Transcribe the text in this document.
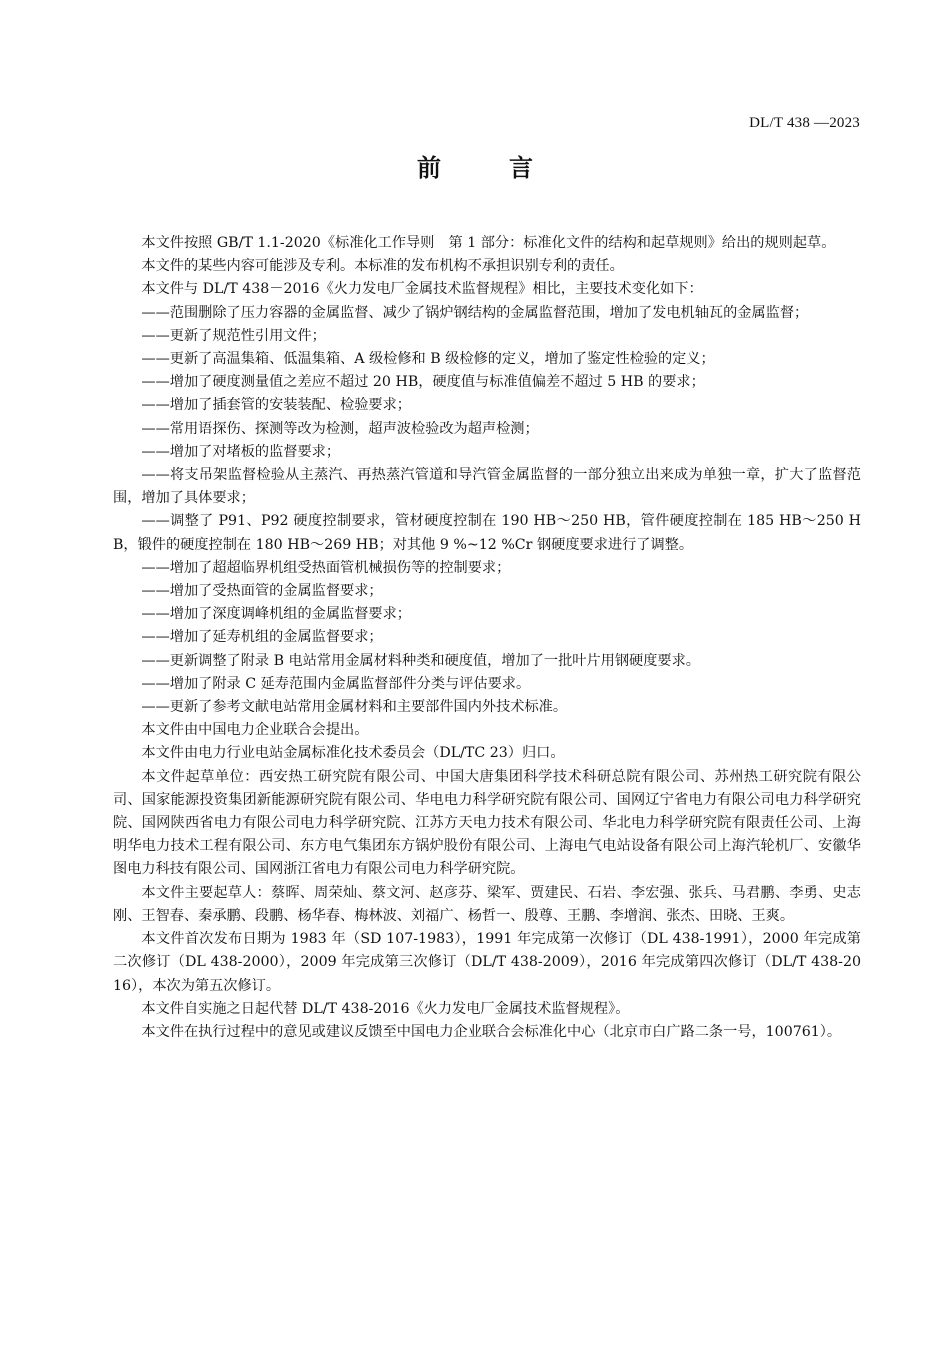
DL/T 438 —2023
前　言

本文件按照 GB/T 1.1-2020《标准化工作导则　第 1 部分：标准化文件的结构和起草规则》给出的规则起草。

本文件的某些内容可能涉及专利。本标准的发布机构不承担识别专利的责任。

本文件与 DL/T 438－2016《火力发电厂金属技术监督规程》相比，主要技术变化如下：

——范围删除了压力容器的金属监督、减少了锅炉钢结构的金属监督范围，增加了发电机轴瓦的金属监督；

——更新了规范性引用文件；

——更新了高温集箱、低温集箱、A 级检修和 B 级检修的定义，增加了鉴定性检验的定义；

——增加了硬度测量值之差应不超过 20 HB，硬度值与标准值偏差不超过 5 HB 的要求；

——增加了插套管的安装装配、检验要求；

——常用语探伤、探测等改为检测，超声波检验改为超声检测；

——增加了对堵板的监督要求；

——将支吊架监督检验从主蒸汽、再热蒸汽管道和导汽管金属监督的一部分独立出来成为单独一章，扩大了监督范围，增加了具体要求；

——调整了 P91、P92 硬度控制要求，管材硬度控制在 190 HB～250 HB，管件硬度控制在 185 HB～250 HB，锻件的硬度控制在 180 HB～269 HB；对其他 9 %~12 %Cr 钢硬度要求进行了调整。

——增加了超超临界机组受热面管机械损伤等的控制要求；

——增加了受热面管的金属监督要求；

——增加了深度调峰机组的金属监督要求；

——增加了延寿机组的金属监督要求；

——更新调整了附录 B 电站常用金属材料种类和硬度值，增加了一批叶片用钢硬度要求。

——增加了附录 C 延寿范围内金属监督部件分类与评估要求。

——更新了参考文献电站常用金属材料和主要部件国内外技术标准。

本文件由中国电力企业联合会提出。

本文件由电力行业电站金属标准化技术委员会（DL/TC 23）归口。

本文件起草单位：西安热工研究院有限公司、中国大唐集团科学技术科研总院有限公司、苏州热工研究院有限公司、国家能源投资集团新能源研究院有限公司、华电电力科学研究院有限公司、国网辽宁省电力有限公司电力科学研究院、国网陕西省电力有限公司电力科学研究院、江苏方天电力技术有限公司、华北电力科学研究院有限责任公司、上海明华电力技术工程有限公司、东方电气集团东方锅炉股份有限公司、上海电气电站设备有限公司上海汽轮机厂、安徽华图电力科技有限公司、国网浙江省电力有限公司电力科学研究院。

本文件主要起草人：蔡晖、周荣灿、蔡文河、赵彦芬、梁军、贾建民、石岩、李宏强、张兵、马君鹏、李勇、史志刚、王智春、秦承鹏、段鹏、杨华春、梅林波、刘福广、杨哲一、殷尊、王鹏、李增润、张杰、田晓、王爽。

本文件首次发布日期为 1983 年（SD 107-1983），1991 年完成第一次修订（DL 438-1991），2000 年完成第二次修订（DL 438-2000），2009 年完成第三次修订（DL/T 438-2009），2016 年完成第四次修订（DL/T 438-2016），本次为第五次修订。

本文件自实施之日起代替 DL/T 438-2016《火力发电厂金属技术监督规程》。

本文件在执行过程中的意见或建议反馈至中国电力企业联合会标准化中心（北京市白广路二条一号，100761）。
